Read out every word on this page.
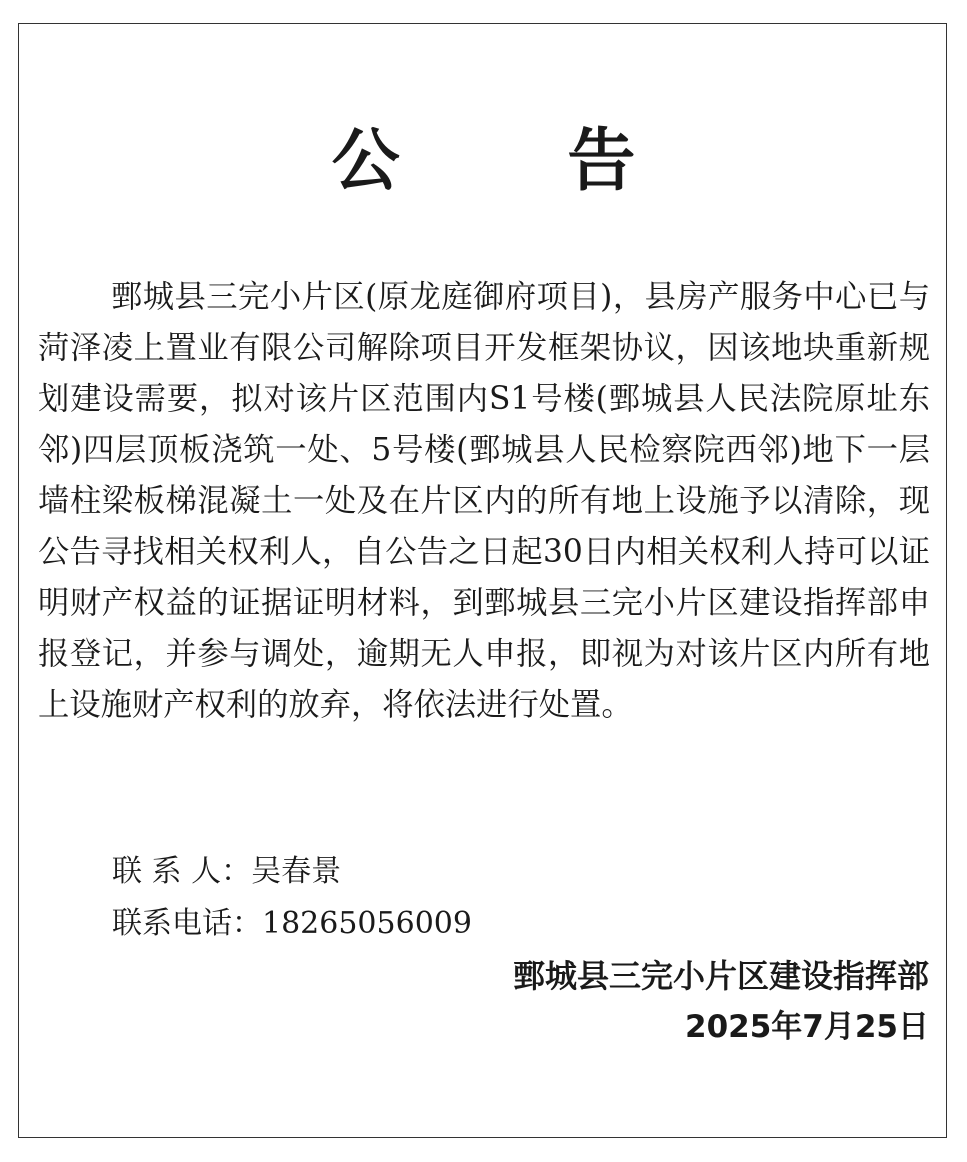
公 告
鄄城县三完小片区(原龙庭御府项目)，县房产服务中心已与菏泽凌上置业有限公司解除项目开发框架协议，因该地块重新规划建设需要，拟对该片区范围内S1号楼(鄄城县人民法院原址东邻)四层顶板浇筑一处、5号楼(鄄城县人民检察院西邻)地下一层墙柱梁板梯混凝土一处及在片区内的所有地上设施予以清除，现公告寻找相关权利人，自公告之日起30日内相关权利人持可以证明财产权益的证据证明材料，到鄄城县三完小片区建设指挥部申报登记，并参与调处，逾期无人申报，即视为对该片区内所有地上设施财产权利的放弃，将依法进行处置。
联 系 人：吴春景
联系电话：18265056009
鄄城县三完小片区建设指挥部
2025年7月25日
